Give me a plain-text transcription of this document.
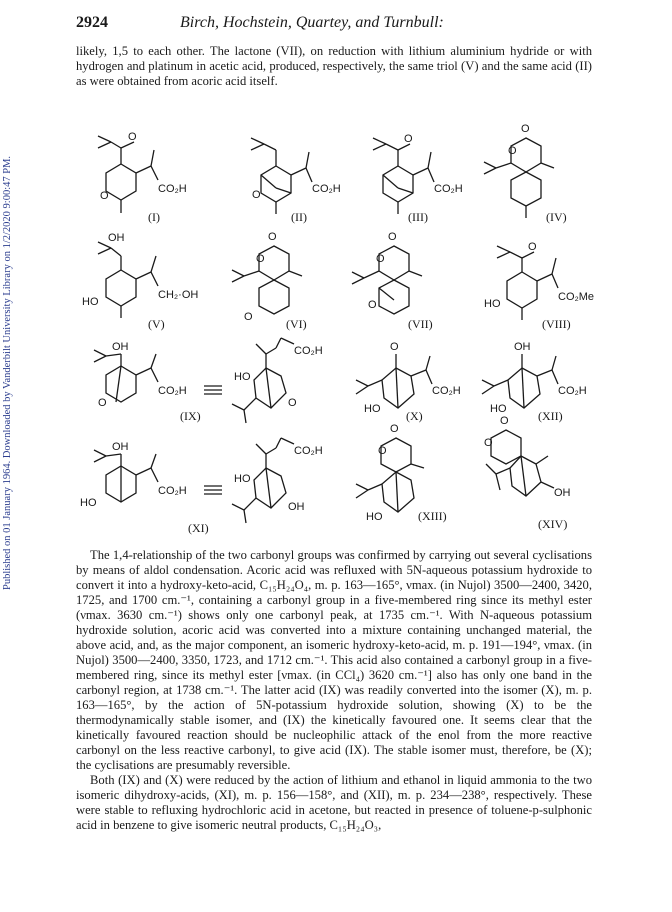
Published on 01 January 1964. Downloaded by Vanderbilt University Library on 1/2/2020 9:00:47 PM.
2924	Birch, Hochstein, Quartey, and Turnbull:

likely, 1,5 to each other. The lactone (VII), on reduction with lithium aluminium hydride or with hydrogen and platinum in acetic acid, produced, respectively, the same triol (V) and the same acid (II) as were obtained from acoric acid itself.

O
O
CO₂H
(I)
O	CO₂H
(II)
O
CO₂H
(III)
O
O
(IV)
OH
HO
CH₂·OH
(V)
O
O
O	(VI)
O
O
O
(VII)
O
HO
CO₂Me
(VIII)
OH
O
CO₂H
(IX)
CO₂H
HO
O
O
HO
CO₂H
(X)
OH
HO
CO₂H
(XII)
OH
HO
CO₂H
(XI)
CO₂H
HO
OH
O
O
HO	(XIII)
O
O
OH
(XIV)

The 1,4-relationship of the two carbonyl groups was confirmed by carrying out several cyclisations by means of aldol condensation. Acoric acid was refluxed with 5N-aqueous potassium hydroxide to convert it into a hydroxy-keto-acid, C₁₅H₂₄O₄, m. p. 163—165°, νmax. (in Nujol) 3500—2400, 3420, 1725, and 1700 cm.⁻¹, containing a carbonyl group in a five-membered ring since its methyl ester (νmax. 3630 cm.⁻¹) shows only one carbonyl peak, at 1735 cm.⁻¹. With N-aqueous potassium hydroxide solution, acoric acid was converted into a mixture containing unchanged material, the above acid, and, as the major component, an isomeric hydroxy-keto-acid, m. p. 191—194°, νmax. (in Nujol) 3500—2400, 3350, 1723, and 1712 cm.⁻¹. This acid also contained a carbonyl group in a five-membered ring, since its methyl ester [νmax. (in CCl₄) 3620 cm.⁻¹] also has only one band in the carbonyl region, at 1738 cm.⁻¹. The latter acid (IX) was readily converted into the isomer (X), m. p. 163—165°, by the action of 5N-potassium hydroxide solution, showing (X) to be the thermodynamically stable isomer, and (IX) the kinetically favoured one. It seems clear that the kinetically favoured reaction should be nucleophilic attack of the enol from the more reactive carbonyl on the less reactive carbonyl, to give acid (IX). The stable isomer must, therefore, be (X); the cyclisations are presumably reversible.

Both (IX) and (X) were reduced by the action of lithium and ethanol in liquid ammonia to the two isomeric dihydroxy-acids, (XI), m. p. 156—158°, and (XII), m. p. 234—238°, respectively. These were stable to refluxing hydrochloric acid in acetone, but reacted in presence of toluene-p-sulphonic acid in benzene to give isomeric neutral products, C₁₅H₂₄O₃,
